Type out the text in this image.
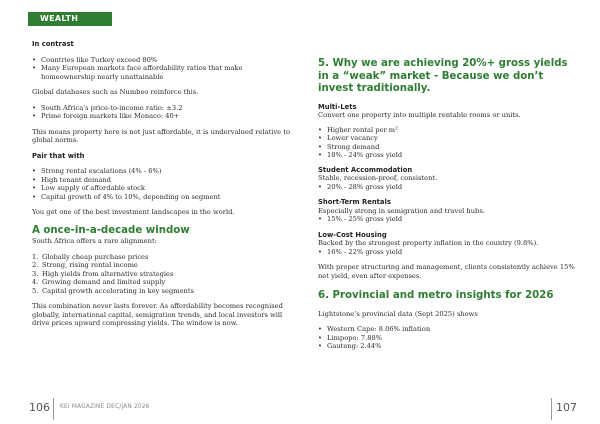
WEALTH

In contrast

• Countries like Turkey exceed 80%
• Many European markets face affordability ratios that make homeownership nearly unattainable

Global databases such as Numbeo reinforce this.

• South Africa's price-to-income ratio: ±3.2
• Prime foreign markets like Monaco: 40+

This means property here is not just affordable, it is undervalued relative to global norms.

Pair that with

• Strong rental escalations (4% - 6%)
• High tenant demand
• Low supply of affordable stock
• Capital growth of 4% to 10%, depending on segment

You get one of the best investment landscapes in the world.

A once-in-a-decade window

South Africa offers a rare alignment:

1. Globally cheap purchase prices
2. Strong, rising rental income
3. High yields from alternative strategies
4. Growing demand and limited supply
5. Capital growth accelerating in key segments

This combination never lasts forever. As affordability becomes recognised globally, international capital, semigration trends, and local investors will drive prices upward compressing yields. The window is now.

5. Why we are achieving 20%+ gross yields in a “weak” market - Because we don’t invest traditionally.

Multi-Lets

Convert one property into multiple rentable rooms or units.

• Higher rental per m²
• Lower vacancy
• Strong demand
• 18% - 24% gross yield

Student Accommodation

Stable, recession-proof, consistent.

• 20% - 28% gross yield

Short-Term Rentals

Especially strong in semigration and travel hubs.

• 15% - 25% gross yield

Low-Cost Housing

Backed by the strongest property inflation in the country (9.8%).

• 16% - 22% gross yield

With proper structuring and management, clients consistently achieve 15% net yield, even after expenses.

6. Provincial and metro insights for 2026

Lightstone’s provincial data (Sept 2025) shows

• Western Cape: 8.06% inflation
• Limpopo: 7.88%
• Gauteng: 2.44%
106 KEI MAGAZINE DEC/JAN 2026	107
